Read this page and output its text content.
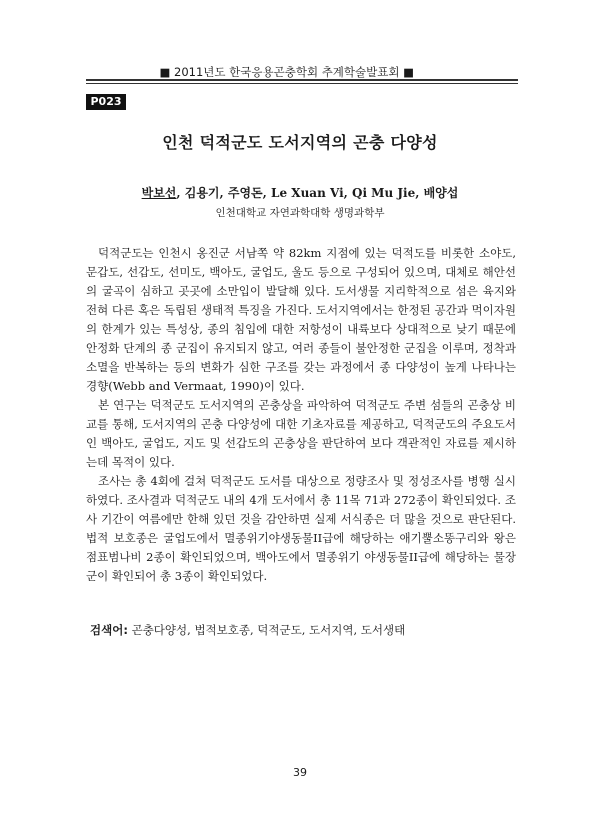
■ 2011년도 한국응용곤충학회 추계학술발표회 ■
P023
인천 덕적군도 도서지역의 곤충 다양성
박보선, 김용기, 주영돈, Le Xuan Vi, Qi Mu Jie, 배양섭
인천대학교 자연과학대학 생명과학부

덕적군도는 인천시 옹진군 서남쪽 약 82km 지점에 있는 덕적도를 비롯한 소야도, 문갑도, 선갑도, 선미도, 백아도, 굴업도, 울도 등으로 구성되어 있으며, 대체로 해안선의 굴곡이 심하고 곳곳에 소만입이 발달해 있다. 도서생물 지리학적으로 섬은 육지와 전혀 다른 혹은 독립된 생태적 특징을 가진다. 도서지역에서는 한정된 공간과 먹이자원의 한계가 있는 특성상, 종의 침입에 대한 저항성이 내륙보다 상대적으로 낮기 때문에 안정화 단계의 종 군집이 유지되지 않고, 여러 종들이 불안정한 군집을 이루며, 정착과 소멸을 반복하는 등의 변화가 심한 구조를 갖는 과정에서 종 다양성이 높게 나타나는 경향(Webb and Vermaat, 1990)이 있다.

본 연구는 덕적군도 도서지역의 곤충상을 파악하여 덕적군도 주변 섬들의 곤충상 비교를 통해, 도서지역의 곤충 다양성에 대한 기초자료를 제공하고, 덕적군도의 주요도서인 백아도, 굴업도, 지도 및 선갑도의 곤충상을 판단하여 보다 객관적인 자료를 제시하는데 목적이 있다.

조사는 총 4회에 걸쳐 덕적군도 도서를 대상으로 정량조사 및 정성조사를 병행 실시하였다. 조사결과 덕적군도 내의 4개 도서에서 총 11목 71과 272종이 확인되었다. 조사 기간이 여름에만 한해 있던 것을 감안하면 실제 서식종은 더 많을 것으로 판단된다. 법적 보호종은 굴업도에서 멸종위기야생동물II급에 해당하는 애기뿔소똥구리와 왕은점표범나비 2종이 확인되었으며, 백아도에서 멸종위기 야생동물II급에 해당하는 물장군이 확인되어 총 3종이 확인되었다.

검색어: 곤충다양성, 법적보호종, 덕적군도, 도서지역, 도서생태
39
